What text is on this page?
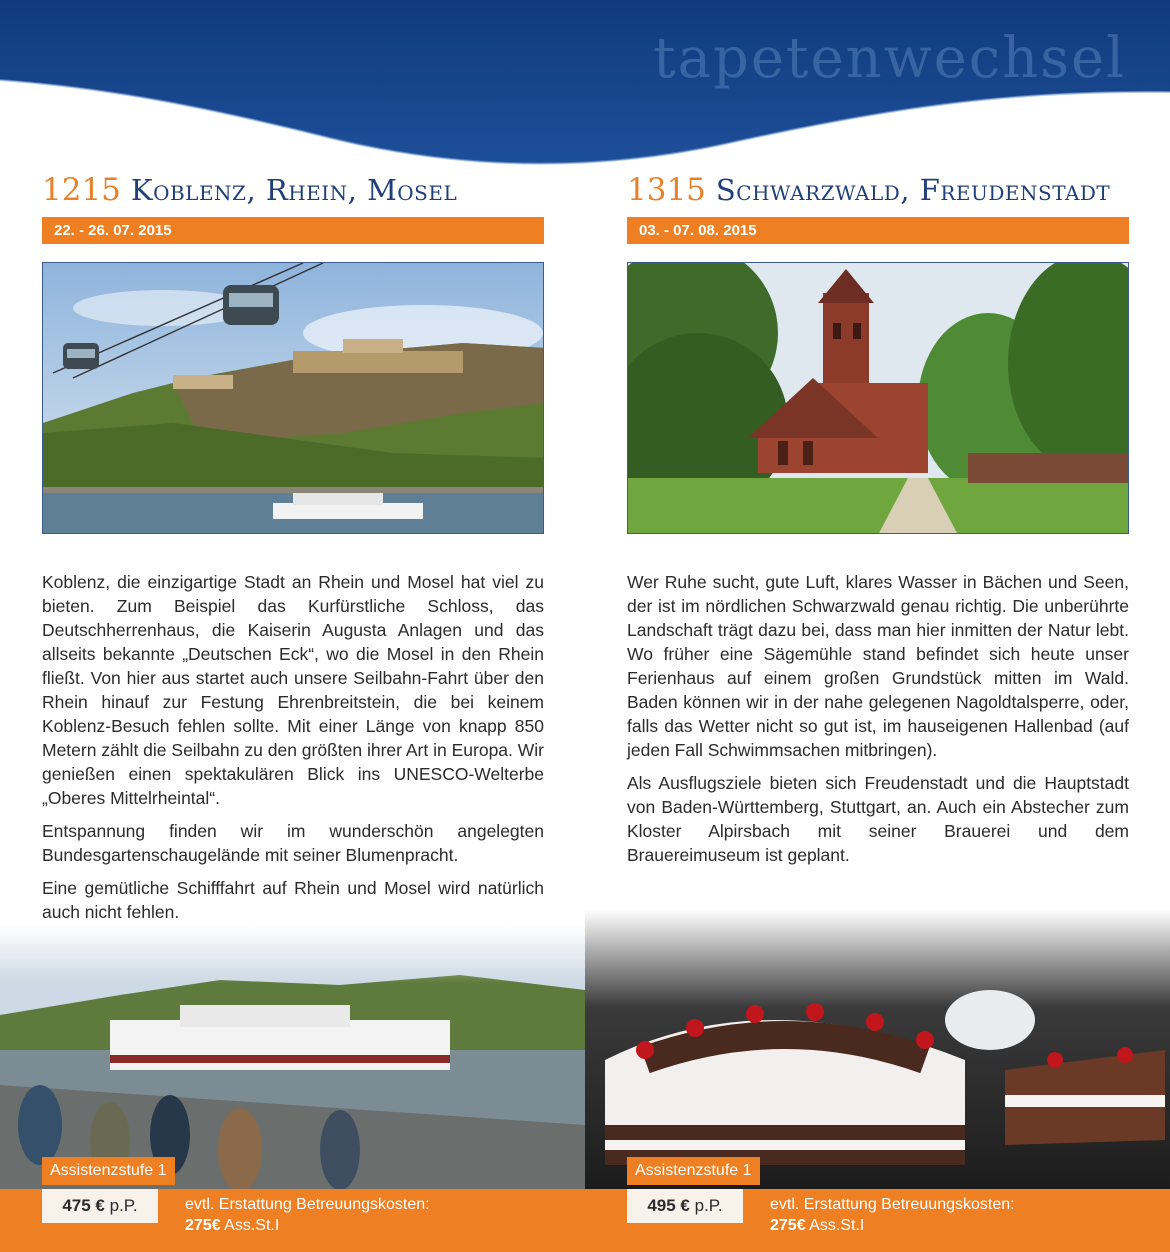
tapetenwechsel
1215 Koblenz, Rhein, Mosel
22. - 26. 07. 2015

Koblenz, die einzigartige Stadt an Rhein und Mosel hat viel zu bieten. Zum Beispiel das Kurfürstliche Schloss, das Deutschherrenhaus, die Kaiserin Augusta Anlagen und das allseits bekannte „Deutschen Eck“, wo die Mosel in den Rhein fließt. Von hier aus startet auch unsere Seilbahn-Fahrt über den Rhein hinauf zur Festung Ehrenbreitstein, die bei keinem Koblenz-Besuch fehlen sollte. Mit einer Länge von knapp 850 Metern zählt die Seilbahn zu den größten ihrer Art in Europa. Wir genießen einen spektakulären Blick ins UNESCO-Welterbe „Oberes Mittelrheintal“.

Entspannung finden wir im wunderschön angelegten Bundesgartenschaugelände mit seiner Blumenpracht.

Eine gemütliche Schifffahrt auf Rhein und Mosel wird natürlich auch nicht fehlen.

1315 Schwarzwald, Freudenstadt
03. - 07. 08. 2015

Wer Ruhe sucht, gute Luft, klares Wasser in Bächen und Seen, der ist im nördlichen Schwarzwald genau richtig. Die unberührte Landschaft trägt dazu bei, dass man hier inmitten der Natur lebt. Wo früher eine Sägemühle stand befindet sich heute unser Ferienhaus auf einem großen Grundstück mitten im Wald. Baden können wir in der nahe gelegenen Nagoldtalsperre, oder, falls das Wetter nicht so gut ist, im hauseigenen Hallenbad (auf jeden Fall Schwimmsachen mitbringen).

Als Ausflugsziele bieten sich Freudenstadt und die Hauptstadt von Baden-Württemberg, Stuttgart, an. Auch ein Abstecher zum Kloster Alpirsbach mit seiner Brauerei und dem Brauereimuseum ist geplant.

Assistenzstufe 1
475 € p.P.	evtl. Erstattung Betreuungskosten:
275€ Ass.St.I
Assistenzstufe 1
495 € p.P.	evtl. Erstattung Betreuungskosten:
275€ Ass.St.I
